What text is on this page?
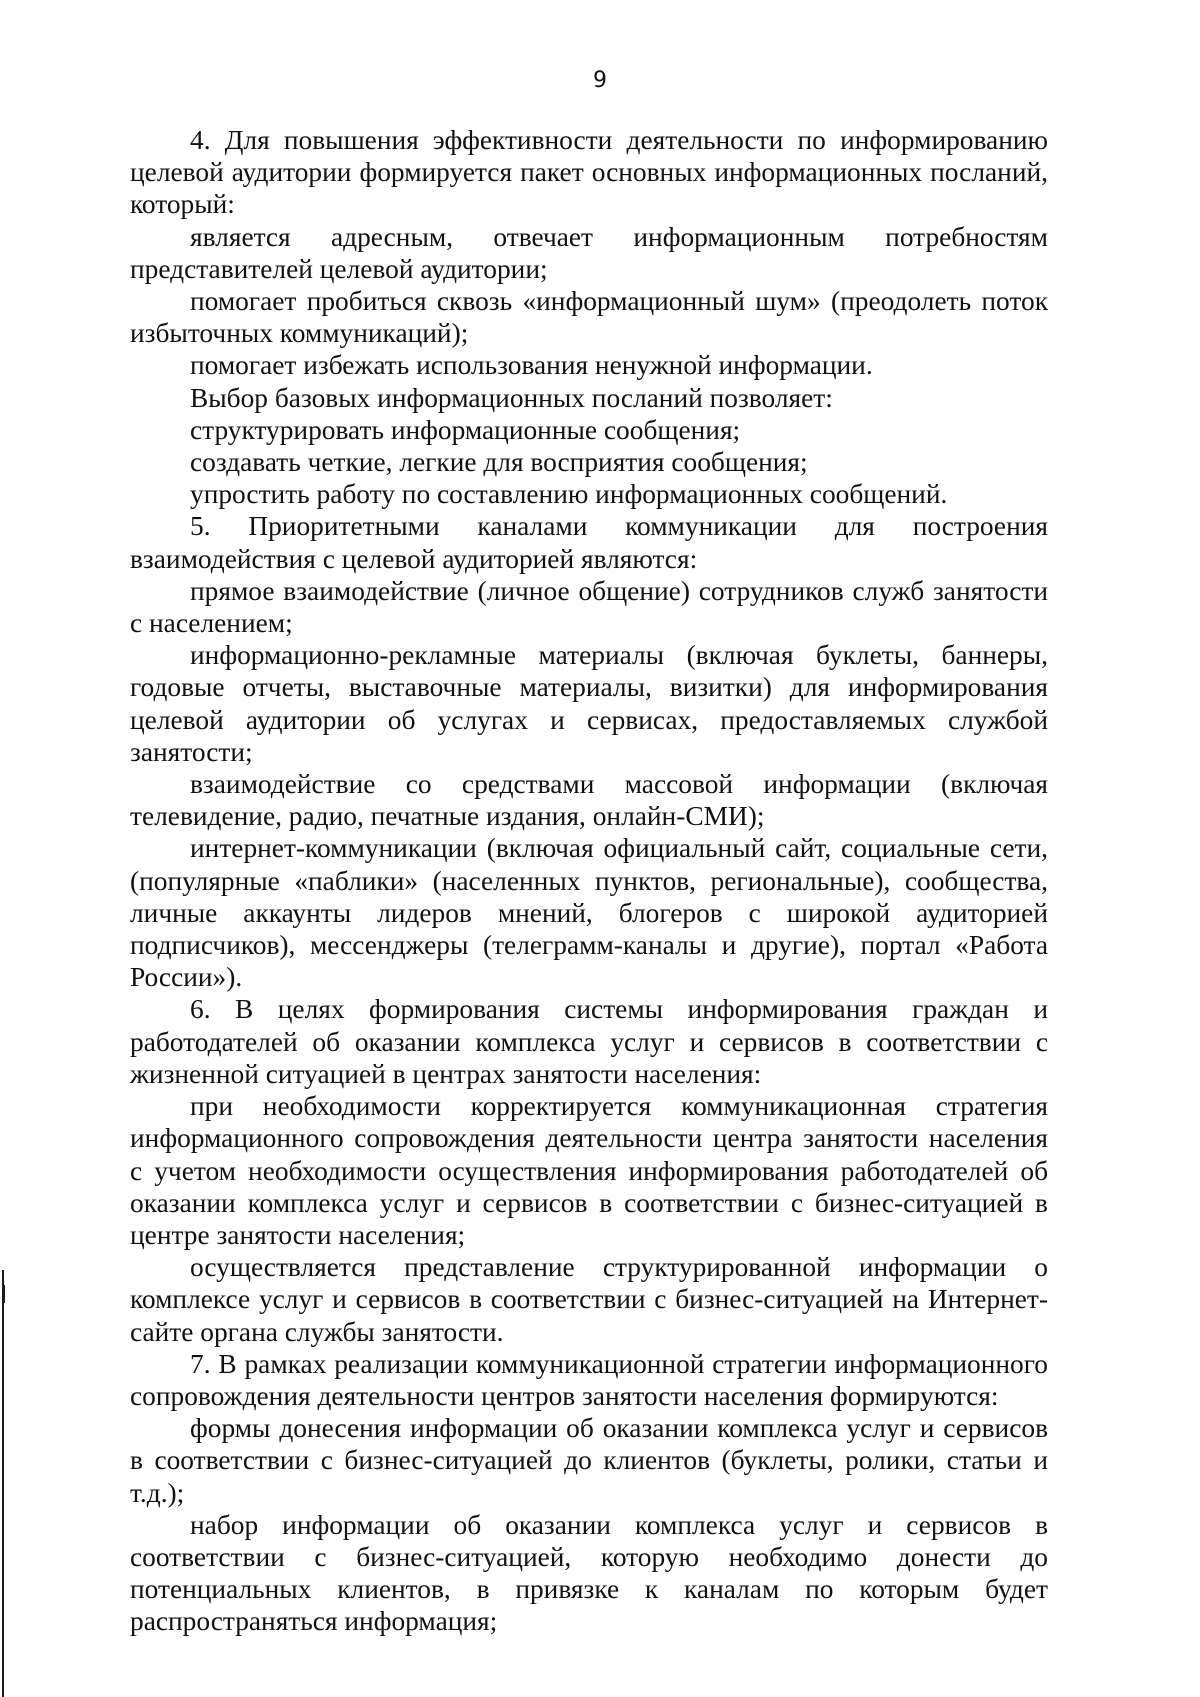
9

4. Для повышения эффективности деятельности по информированию целевой аудитории формируется пакет основных информационных посланий, который:

является адресным, отвечает информационным потребностям представителей целевой аудитории;

помогает пробиться сквозь «информационный шум» (преодолеть поток избыточных коммуникаций);

помогает избежать использования ненужной информации.

Выбор базовых информационных посланий позволяет:

структурировать информационные сообщения;

создавать четкие, легкие для восприятия сообщения;

упростить работу по составлению информационных сообщений.

5. Приоритетными каналами коммуникации для построения взаимодействия с целевой аудиторией являются:

прямое взаимодействие (личное общение) сотрудников служб занятости с населением;

информационно-рекламные материалы (включая буклеты, баннеры, годовые отчеты, выставочные материалы, визитки) для информирования целевой аудитории об услугах и сервисах, предоставляемых службой занятости;

взаимодействие со средствами массовой информации (включая телевидение, радио, печатные издания, онлайн-СМИ);

интернет-коммуникации (включая официальный сайт, социальные сети, (популярные «паблики» (населенных пунктов, региональные), сообщества, личные аккаунты лидеров мнений, блогеров с широкой аудиторией подписчиков), мессенджеры (телеграмм-каналы и другие), портал «Работа России»).

6. В целях формирования системы информирования граждан и работодателей об оказании комплекса услуг и сервисов в соответствии с жизненной ситуацией в центрах занятости населения:

при необходимости корректируется коммуникационная стратегия информационного сопровождения деятельности центра занятости населения с учетом необходимости осуществления информирования работодателей об оказании комплекса услуг и сервисов в соответствии с бизнес-ситуацией в центре занятости населения;

осуществляется представление структурированной информации о комплексе услуг и сервисов в соответствии с бизнес-ситуацией на Интернет-сайте органа службы занятости.

7. В рамках реализации коммуникационной стратегии информационного сопровождения деятельности центров занятости населения формируются:

формы донесения информации об оказании комплекса услуг и сервисов в соответствии с бизнес-ситуацией до клиентов (буклеты, ролики, статьи и т.д.);

набор информации об оказании комплекса услуг и сервисов в соответствии с бизнес-ситуацией, которую необходимо донести до потенциальных клиентов, в привязке к каналам по которым будет распространяться информация;
